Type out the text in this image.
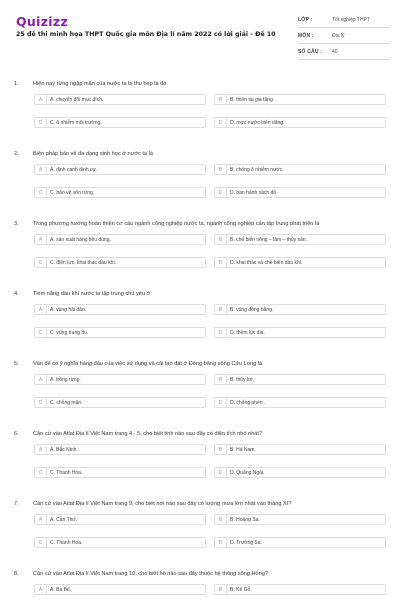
Quizizz
25 đề thi minh họa THPT Quốc gia môn Địa lí năm 2022 có lời giải - Đề 10
LỚP :	Tốt nghiệp THPT
MÔN :	Địa lý
SỐ CÂU :	40
1.	Hiện nay rừng ngập mặn của nước ta bị thu hẹp là do
A	A. chuyển đổi mục đích.	B	B. thiên tai gia tăng.
C	C. ô nhiễm môi trường.	D	D. mực nước biển dâng.
2.	Biện pháp bảo vệ đa dạng sinh học ở nước ta là
A	A. định canh định cư.	B	B. chống ô nhiễm nước.
C	C. bảo vệ vốn rừng.	D	D. ban hành sách đỏ.
3.	Trong phương hướng hoàn thiện cơ cấu ngành công nghiệp nước ta, ngành công nghiệp cần tập trung phát triển là
A	A. sản xuất hàng tiêu dùng.	B	B. chế biến nông – lâm – thủy sản.
C	C. điện lực, khai thác dầu khí.	D	D. khai thác và chế biến dầu khí.
4.	Tiềm năng dầu khí nước ta tập trung chủ yếu ở
A	A. vùng hải đảo.	B	B. vùng đồng bằng.
C	C. vùng trung du.	D	D. thềm lục địa.
5.	Vấn đề có ý nghĩa hàng đầu của việc sử dụng và cải tạo đất ở Đồng bằng sông Cửu Long là
A	A. trồng rừng.	B	B. thủy lợi.
C	C. chống mặn.	D	D. chống phèn .
6.	Căn cứ vào Atlat Địa lí Việt Nam trang 4 - 5, cho biết tỉnh nào sau đây có diện tích nhỏ nhất?
A	A. Bắc Ninh.	B	B. Hà Nam.
C	C. Thanh Hóa.	D	D. Quảng Ngãi.
7.	Căn cứ vào Atlat Địa lí Việt Nam trang 9, cho biết nơi nào sau đây có lượng mưa lớn nhất vào tháng XI?
A	A. Cần Thơ.	B	B. Hoàng Sa.
C	C. Thanh Hóa.	D	D. Trường Sa.
8.	Căn cứ vào Atlat Địa lí Việt Nam trang 10, cho biết hồ nào sau đây thuộc hệ thống sông Hồng?
A	A. Ba Bể.	B	B. Kẻ Gỗ.
